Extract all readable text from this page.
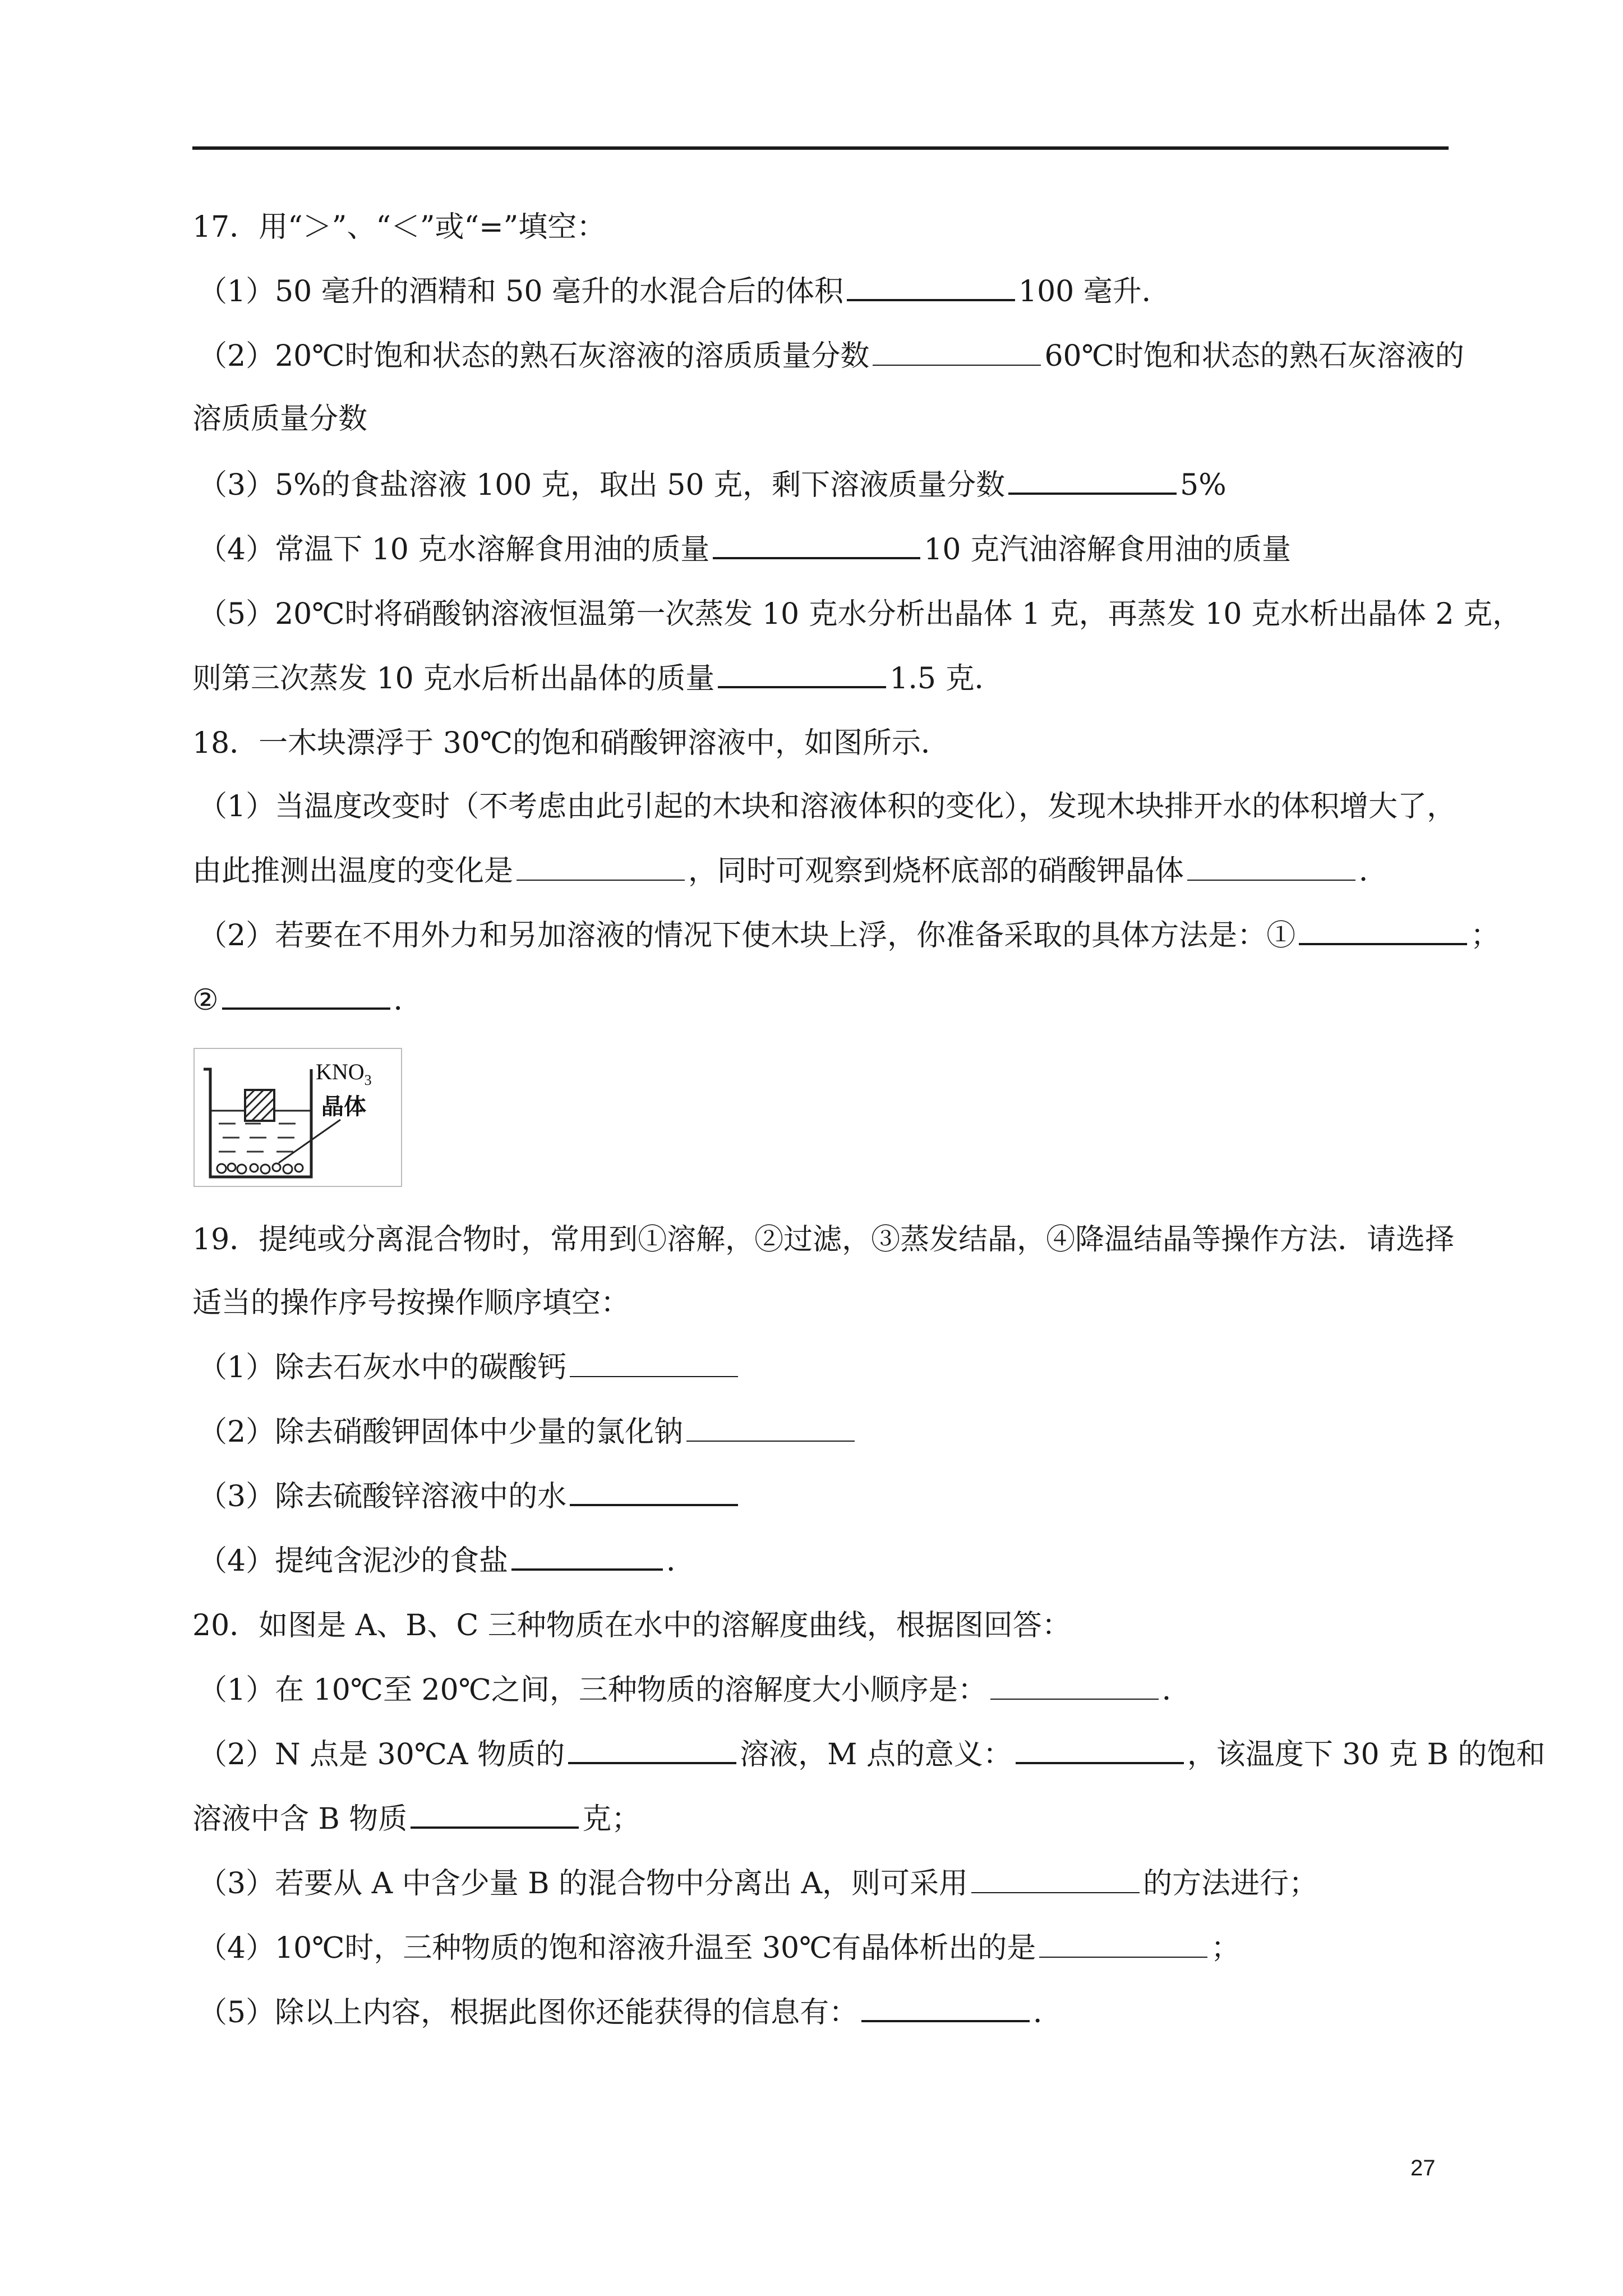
17．用“＞”、“＜”或“=”填空：
（1）50 毫升的酒精和 50 毫升的水混合后的体积	100 毫升．
（2）20℃时饱和状态的熟石灰溶液的溶质质量分数	60℃时饱和状态的熟石灰溶液的
溶质质量分数
（3）5%的食盐溶液 100 克，取出 50 克，剩下溶液质量分数	5%
（4）常温下 10 克水溶解食用油的质量	10 克汽油溶解食用油的质量
（5）20℃时将硝酸钠溶液恒温第一次蒸发 10 克水分析出晶体 1 克，再蒸发 10 克水析出晶体 2 克，
则第三次蒸发 10 克水后析出晶体的质量	1.5 克．
18．一木块漂浮于 30℃的饱和硝酸钾溶液中，如图所示．
（1）当温度改变时（不考虑由此引起的木块和溶液体积的变化），发现木块排开水的体积增大了，
由此推测出温度的变化是	，同时可观察到烧杯底部的硝酸钾晶体	．
（2）若要在不用外力和另加溶液的情况下使木块上浮，你准备采取的具体方法是：①	；
②	．
$KNO_3$
晶体
19．提纯或分离混合物时，常用到①溶解，②过滤，③蒸发结晶，④降温结晶等操作方法．请选择
适当的操作序号按操作顺序填空：
（1）除去石灰水中的碳酸钙
（2）除去硝酸钾固体中少量的氯化钠
（3）除去硫酸锌溶液中的水
（4）提纯含泥沙的食盐	．
20．如图是 A、B、C 三种物质在水中的溶解度曲线，根据图回答：
（1）在 10℃至 20℃之间，三种物质的溶解度大小顺序是：	．
（2）N 点是 30℃A 物质的	溶液，M 点的意义：	，该温度下 30 克 B 的饱和
溶液中含 B 物质	克；
（3）若要从 A 中含少量 B 的混合物中分离出 A，则可采用	的方法进行；
（4）10℃时，三种物质的饱和溶液升温至 30℃有晶体析出的是	；
（5）除以上内容，根据此图你还能获得的信息有：	．
27
